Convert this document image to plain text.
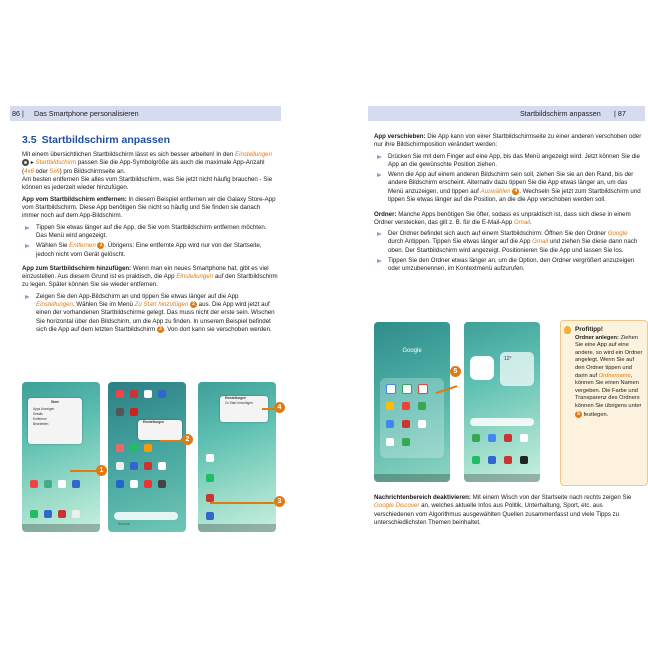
86 | Das Smartphone personalisieren
3.5 Startbildschirm anpassen

Mit einem übersichtlichen Startbildschirm lässt es sich besser arbeiten! In den Einstellungen  ▸ Startbildschirm passen Sie die App-Symbolgröße als auch die maximale App-Anzahl (4x6 oder 5x6) pro Bildschirmseite an.
Am besten entfernen Sie alles vom Startbildschirm, was Sie jetzt nicht häufig brauchen - Sie können es jederzeit wieder hinzufügen.

App vom Startbildschirm entfernen: In diesem Beispiel entfernen wir die Galaxy Store-App vom Startbildschirm. Diese App benötigen Sie nicht so häufig und Sie finden sie danach immer noch auf dem App-Bildschirm.

Tippen Sie etwas länger auf die App, die Sie vom Startbildschirm entfernen möchten. Das Menü wird angezeigt.
Wählen Sie Entfernen 1 . Übrigens: Eine entfernte App wird nur von der Startseite, jedoch nicht vom Gerät gelöscht.

App zum Startbildschirm hinzufügen: Wenn man ein neues Smartphone hat, gibt es viel einzustellen. Aus diesem Grund ist es praktisch, die App Einstellungen auf den Startbildschirm zu legen. Später können Sie sie wieder entfernen.

Zeigen Sie den App-Bildschirm an und tippen Sie etwas länger auf die App Einstellungen. Wählen Sie im Menü Zu Start hinzufügen 2 aus. Die App wird jetzt auf einen der vorhandenen Startbildschirme gelegt. Das muss nicht der erste sein. Wischen Sie horizontal über den Bildschirm, um die App zu finden. In unserem Beispiel befindet sich die App auf dem letzten Startbildschirm 3 . Von dort kann sie verschoben werden.
Store
Apps Anzeigen
Details
Entfernen
Bearbeiten	Einstellungen
Suchen
Einstellungen
Zu Start hinzufügen
1
2
3
4
Startbildschirm anpassen | 87

App verschieben: Die App kann von einer Startbildschirmseite zu einer anderen verschoben oder nur ihre Bildschirmposition verändert werden:

Drücken Sie mit dem Finger auf eine App, bis das Menü angezeigt wird. Jetzt können Sie die App an die gewünschte Position ziehen.
Wenn die App auf einem anderen Bildschirm sein soll, ziehen Sie sie an den Rand, bis der andere Bildschirm erscheint. Alternativ dazu tippen Sie die App etwas länger an, um das Menü anzuzeigen, und tippen auf Auswählen 4 . Wechseln Sie jetzt zum Startbildschirm und tippen Sie etwas länger auf die Position, an die die App verschoben werden soll.

Ordner: Manche Apps benötigen Sie öfter, sodass es unpraktisch ist, dass sich diese in einem Ordner verstecken, das gilt z. B. für die E-Mail-App Gmail.

Der Ordner befindet sich auch auf einem Startbildschirm: Öffnen Sie den Ordner Google durch Antippen. Tippen Sie etwas länger auf die App Gmail und ziehen Sie diese dann nach oben. Der Startbildschirm wird angezeigt. Positionieren Sie die App und lassen Sie los.
Tippen Sie den Ordner etwas länger an, um die Option, den Ordner vergrößert anzuzeigen oder umzubenennen, im Kontextmenü aufzurufen.
Google
12°
5
Profitipp!
Ordner anlegen: Ziehen Sie eine App auf eine andere, so wird ein Ordner angelegt. Wenn Sie auf den Ordner tippen und darin auf Ordnername, können Sie einen Namen vergeben. Die Farbe und Transparenz des Ordners können Sie übrigens unter 5 festlegen.

Nachrichtenbereich deaktivieren: Mit einem Wisch von der Startseite nach rechts zeigen Sie Google Discover an, welches aktuelle Infos aus Politik, Unterhaltung, Sport, etc. aus verschiedenen vom Algorithmus ausgewählten Quellen zusammenfasst und viele Tipps zu unterschiedlichsten Themen beinhaltet.
